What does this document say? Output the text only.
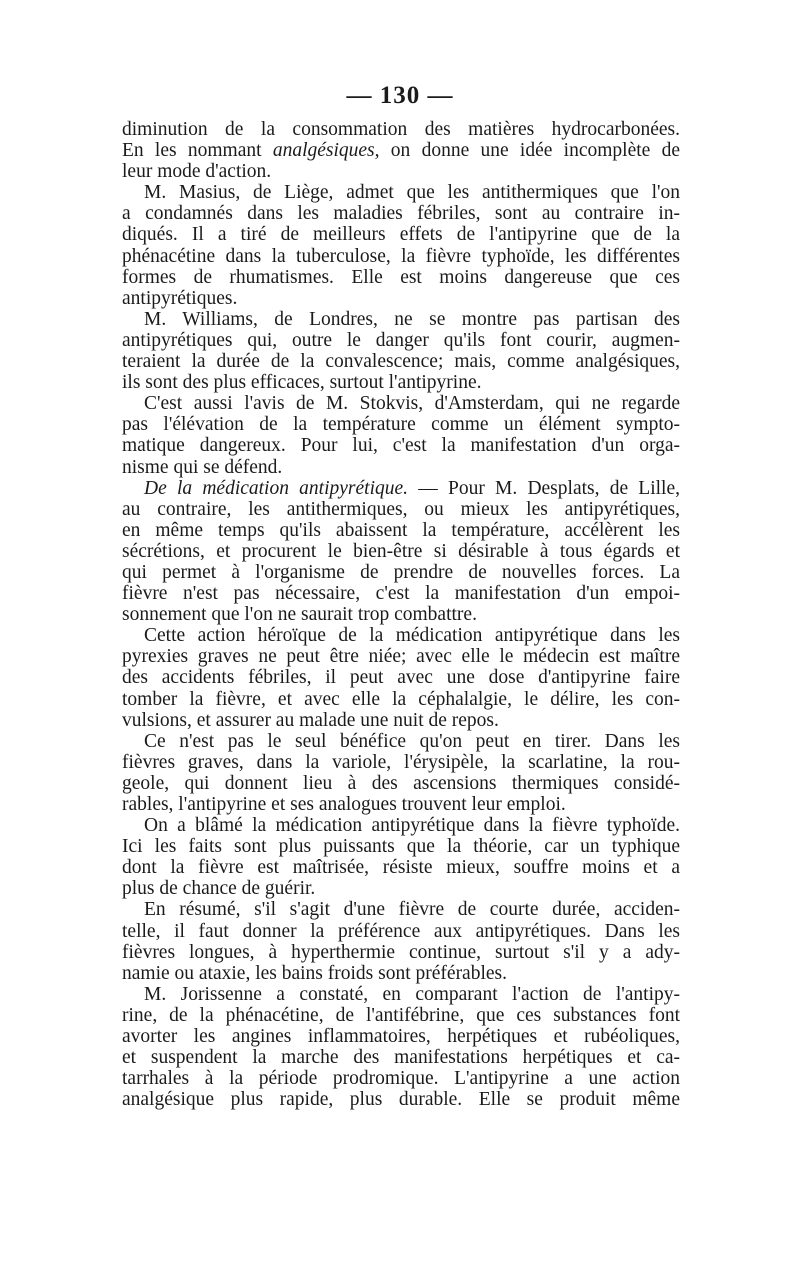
— 130 —
diminution de la consommation des matières hydrocarbonées.
En les nommant analgésiques, on donne une idée incomplète de
leur mode d'action.
M. Masius, de Liège, admet que les antithermiques que l'on
a condamnés dans les maladies fébriles, sont au contraire in-
diqués. Il a tiré de meilleurs effets de l'antipyrine que de la
phénacétine dans la tuberculose, la fièvre typhoïde, les différentes
formes de rhumatismes. Elle est moins dangereuse que ces
antipyrétiques.
M. Williams, de Londres, ne se montre pas partisan des
antipyrétiques qui, outre le danger qu'ils font courir, augmen-
teraient la durée de la convalescence; mais, comme analgésiques,
ils sont des plus efficaces, surtout l'antipyrine.
C'est aussi l'avis de M. Stokvis, d'Amsterdam, qui ne regarde
pas l'élévation de la température comme un élément sympto-
matique dangereux. Pour lui, c'est la manifestation d'un orga-
nisme qui se défend.
De la médication antipyrétique. — Pour M. Desplats, de Lille,
au contraire, les antithermiques, ou mieux les antipyrétiques,
en même temps qu'ils abaissent la température, accélèrent les
sécrétions, et procurent le bien-être si désirable à tous égards et
qui permet à l'organisme de prendre de nouvelles forces. La
fièvre n'est pas nécessaire, c'est la manifestation d'un empoi-
sonnement que l'on ne saurait trop combattre.
Cette action héroïque de la médication antipyrétique dans les
pyrexies graves ne peut être niée; avec elle le médecin est maître
des accidents fébriles, il peut avec une dose d'antipyrine faire
tomber la fièvre, et avec elle la céphalalgie, le délire, les con-
vulsions, et assurer au malade une nuit de repos.
Ce n'est pas le seul bénéfice qu'on peut en tirer. Dans les
fièvres graves, dans la variole, l'érysipèle, la scarlatine, la rou-
geole, qui donnent lieu à des ascensions thermiques considé-
rables, l'antipyrine et ses analogues trouvent leur emploi.
On a blâmé la médication antipyrétique dans la fièvre typhoïde.
Ici les faits sont plus puissants que la théorie, car un typhique
dont la fièvre est maîtrisée, résiste mieux, souffre moins et a
plus de chance de guérir.
En résumé, s'il s'agit d'une fièvre de courte durée, acciden-
telle, il faut donner la préférence aux antipyrétiques. Dans les
fièvres longues, à hyperthermie continue, surtout s'il y a ady-
namie ou ataxie, les bains froids sont préférables.
M. Jorissenne a constaté, en comparant l'action de l'antipy-
rine, de la phénacétine, de l'antifébrine, que ces substances font
avorter les angines inflammatoires, herpétiques et rubéoliques,
et suspendent la marche des manifestations herpétiques et ca-
tarrhales à la période prodromique. L'antipyrine a une action
analgésique plus rapide, plus durable. Elle se produit même
